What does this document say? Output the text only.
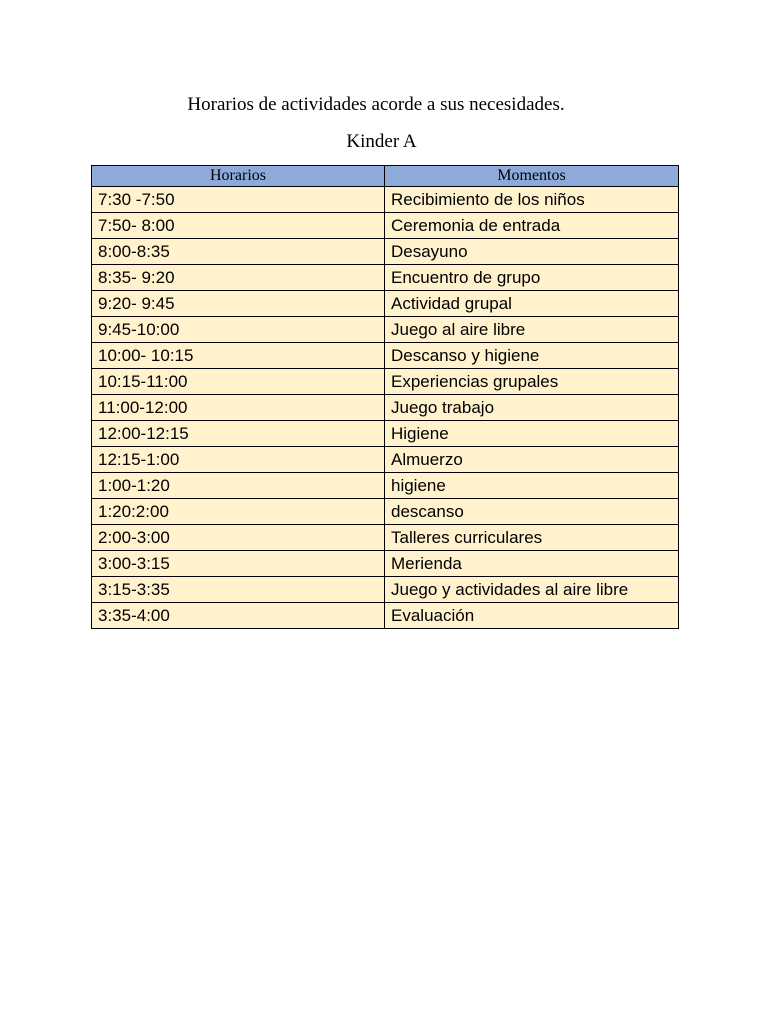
Horarios de actividades acorde a sus necesidades.
Kinder A
Horarios	Momentos
7:30 -7:50	Recibimiento de los niños
7:50- 8:00	Ceremonia de entrada
8:00-8:35	Desayuno
8:35- 9:20	Encuentro de grupo
9:20- 9:45	Actividad grupal
9:45-10:00	Juego al aire libre
10:00- 10:15	Descanso y higiene
10:15-11:00	Experiencias grupales
11:00-12:00	Juego trabajo
12:00-12:15	Higiene
12:15-1:00	Almuerzo
1:00-1:20	higiene
1:20:2:00	descanso
2:00-3:00	Talleres curriculares
3:00-3:15	Merienda
3:15-3:35	Juego y actividades al aire libre
3:35-4:00	Evaluación
